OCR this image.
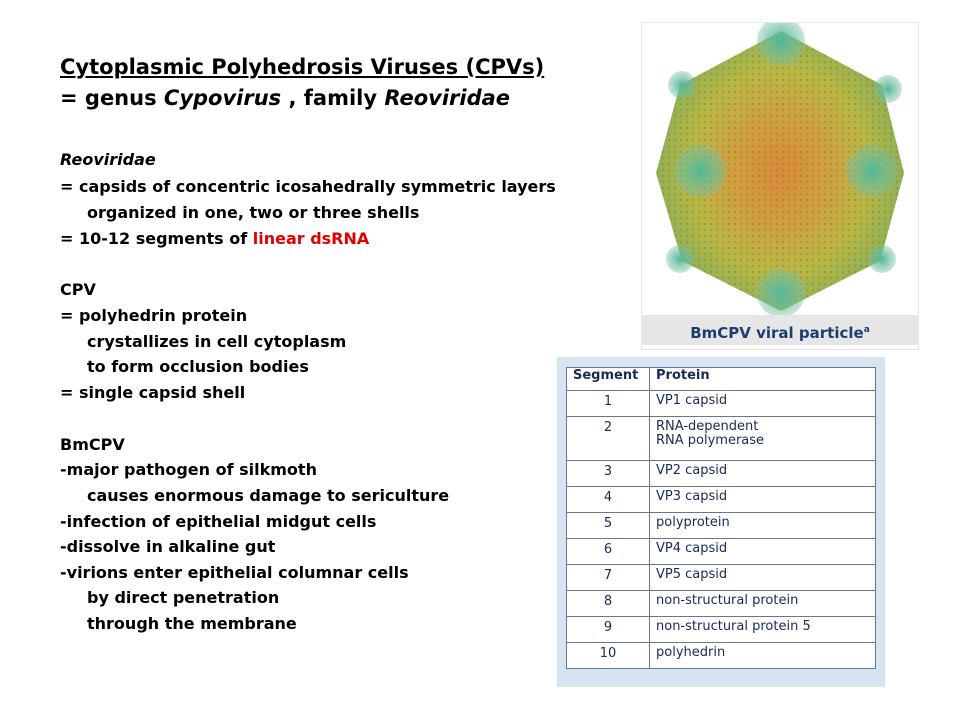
Cytoplasmic Polyhedrosis Viruses (CPVs)
= genus Cypovirus , family Reoviridae
Reoviridae
= capsids of concentric icosahedrally symmetric layers
organized in one, two or three shells
= 10-12 segments of linear dsRNA
CPV
= polyhedrin protein
crystallizes in cell cytoplasm
to form occlusion bodies
= single capsid shell
BmCPV
-major pathogen of silkmoth
causes enormous damage to sericulture
-infection of epithelial midgut cells
-dissolve in alkaline gut
-virions enter epithelial columnar cells
by direct penetration
through the membrane
BmCPV viral particle$^a$
Segment	Protein
1	VP1 capsid
2	RNA-dependent
RNA polymerase

3	VP2 capsid
4	VP3 capsid
5	polyprotein
6	VP4 capsid
7	VP5 capsid
8	non-structural protein
9	non-structural protein 5
10	polyhedrin
